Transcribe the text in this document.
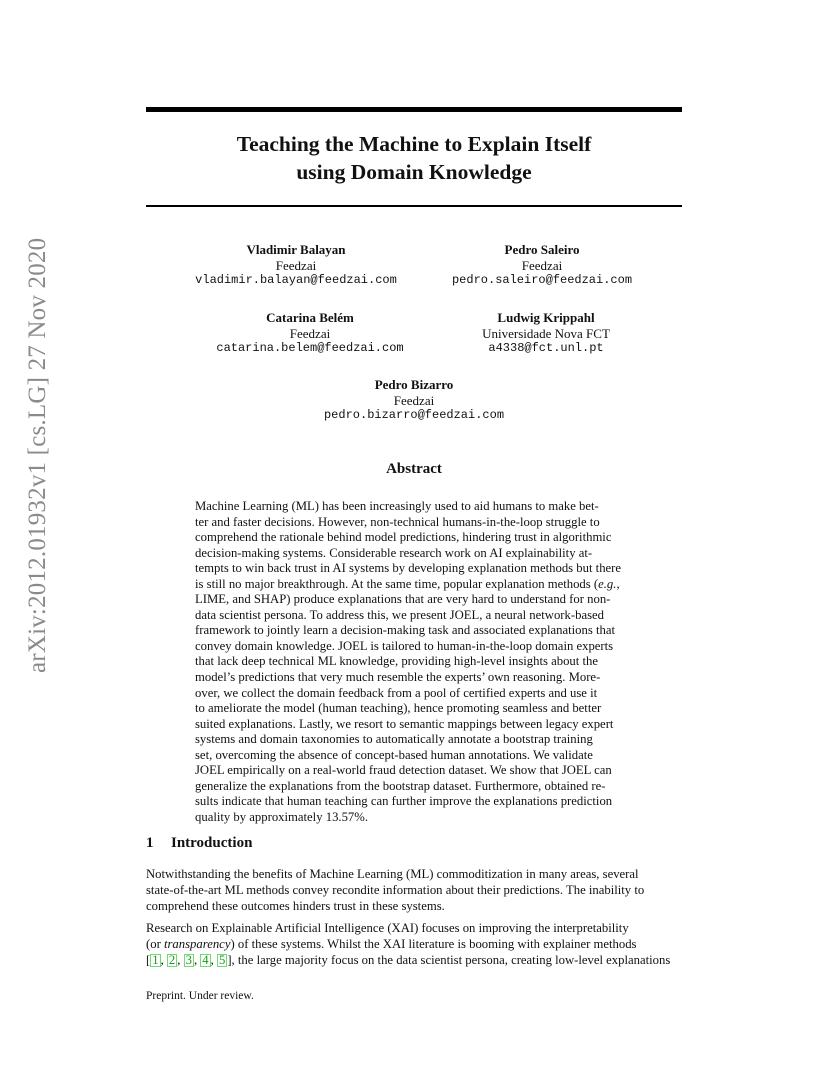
arXiv:2012.01932v1 [cs.LG] 27 Nov 2020
Teaching the Machine to Explain Itself
using Domain Knowledge
Vladimir Balayan
Feedzai
vladimir.balayan@feedzai.com
Pedro Saleiro
Feedzai
pedro.saleiro@feedzai.com
Catarina Belém
Feedzai
catarina.belem@feedzai.com
Ludwig Krippahl
Universidade Nova FCT
a4338@fct.unl.pt
Pedro Bizarro
Feedzai
pedro.bizarro@feedzai.com
Abstract
Machine Learning (ML) has been increasingly used to aid humans to make bet-
ter and faster decisions. However, non-technical humans-in-the-loop struggle to
comprehend the rationale behind model predictions, hindering trust in algorithmic
decision-making systems. Considerable research work on AI explainability at-
tempts to win back trust in AI systems by developing explanation methods but there
is still no major breakthrough. At the same time, popular explanation methods (e.g.,
LIME, and SHAP) produce explanations that are very hard to understand for non-
data scientist persona. To address this, we present JOEL, a neural network-based
framework to jointly learn a decision-making task and associated explanations that
convey domain knowledge. JOEL is tailored to human-in-the-loop domain experts
that lack deep technical ML knowledge, providing high-level insights about the
model’s predictions that very much resemble the experts’ own reasoning. More-
over, we collect the domain feedback from a pool of certified experts and use it
to ameliorate the model (human teaching), hence promoting seamless and better
suited explanations. Lastly, we resort to semantic mappings between legacy expert
systems and domain taxonomies to automatically annotate a bootstrap training
set, overcoming the absence of concept-based human annotations. We validate
JOEL empirically on a real-world fraud detection dataset. We show that JOEL can
generalize the explanations from the bootstrap dataset. Furthermore, obtained re-
sults indicate that human teaching can further improve the explanations prediction
quality by approximately 13.57%.
1 Introduction
Notwithstanding the benefits of Machine Learning (ML) commoditization in many areas, several
state-of-the-art ML methods convey recondite information about their predictions. The inability to
comprehend these outcomes hinders trust in these systems.
Research on Explainable Artificial Intelligence (XAI) focuses on improving the interpretability
(or transparency) of these systems. Whilst the XAI literature is booming with explainer methods
[ 1 , 2 , 3 , 4 , 5 ], the large majority focus on the data scientist persona, creating low-level explanations
Preprint. Under review.
